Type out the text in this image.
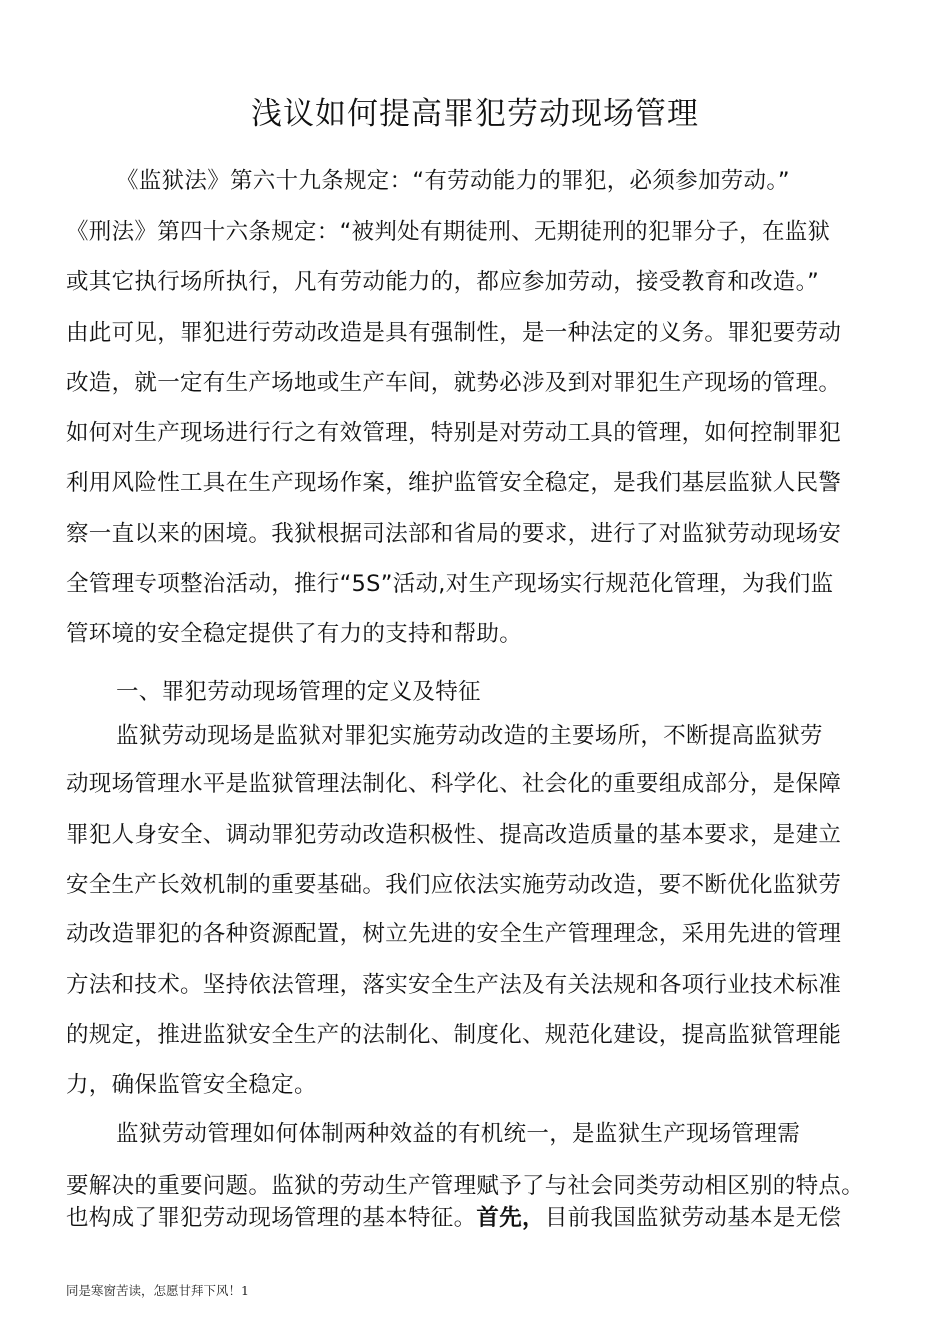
浅议如何提高罪犯劳动现场管理
《监狱法》第六十九条规定：“有劳动能力的罪犯，必须参加劳动。”
《刑法》第四十六条规定：“被判处有期徒刑、无期徒刑的犯罪分子，在监狱
或其它执行场所执行，凡有劳动能力的，都应参加劳动，接受教育和改造。”
由此可见，罪犯进行劳动改造是具有强制性，是一种法定的义务。罪犯要劳动
改造，就一定有生产场地或生产车间，就势必涉及到对罪犯生产现场的管理。
如何对生产现场进行行之有效管理，特别是对劳动工具的管理，如何控制罪犯
利用风险性工具在生产现场作案，维护监管安全稳定，是我们基层监狱人民警
察一直以来的困境。我狱根据司法部和省局的要求，进行了对监狱劳动现场安
全管理专项整治活动，推行“5S”活动,对生产现场实行规范化管理，为我们监
管环境的安全稳定提供了有力的支持和帮助。
一、罪犯劳动现场管理的定义及特征
监狱劳动现场是监狱对罪犯实施劳动改造的主要场所，不断提高监狱劳
动现场管理水平是监狱管理法制化、科学化、社会化的重要组成部分，是保障
罪犯人身安全、调动罪犯劳动改造积极性、提高改造质量的基本要求，是建立
安全生产长效机制的重要基础。我们应依法实施劳动改造，要不断优化监狱劳
动改造罪犯的各种资源配置，树立先进的安全生产管理理念，采用先进的管理
方法和技术。坚持依法管理，落实安全生产法及有关法规和各项行业技术标准
的规定，推进监狱安全生产的法制化、制度化、规范化建设，提高监狱管理能
力，确保监管安全稳定。
监狱劳动管理如何体制两种效益的有机统一，是监狱生产现场管理需
要解决的重要问题。监狱的劳动生产管理赋予了与社会同类劳动相区别的特点。
也构成了罪犯劳动现场管理的基本特征。首先，目前我国监狱劳动基本是无偿
同是寒窗苦读，怎愿甘拜下风！1
